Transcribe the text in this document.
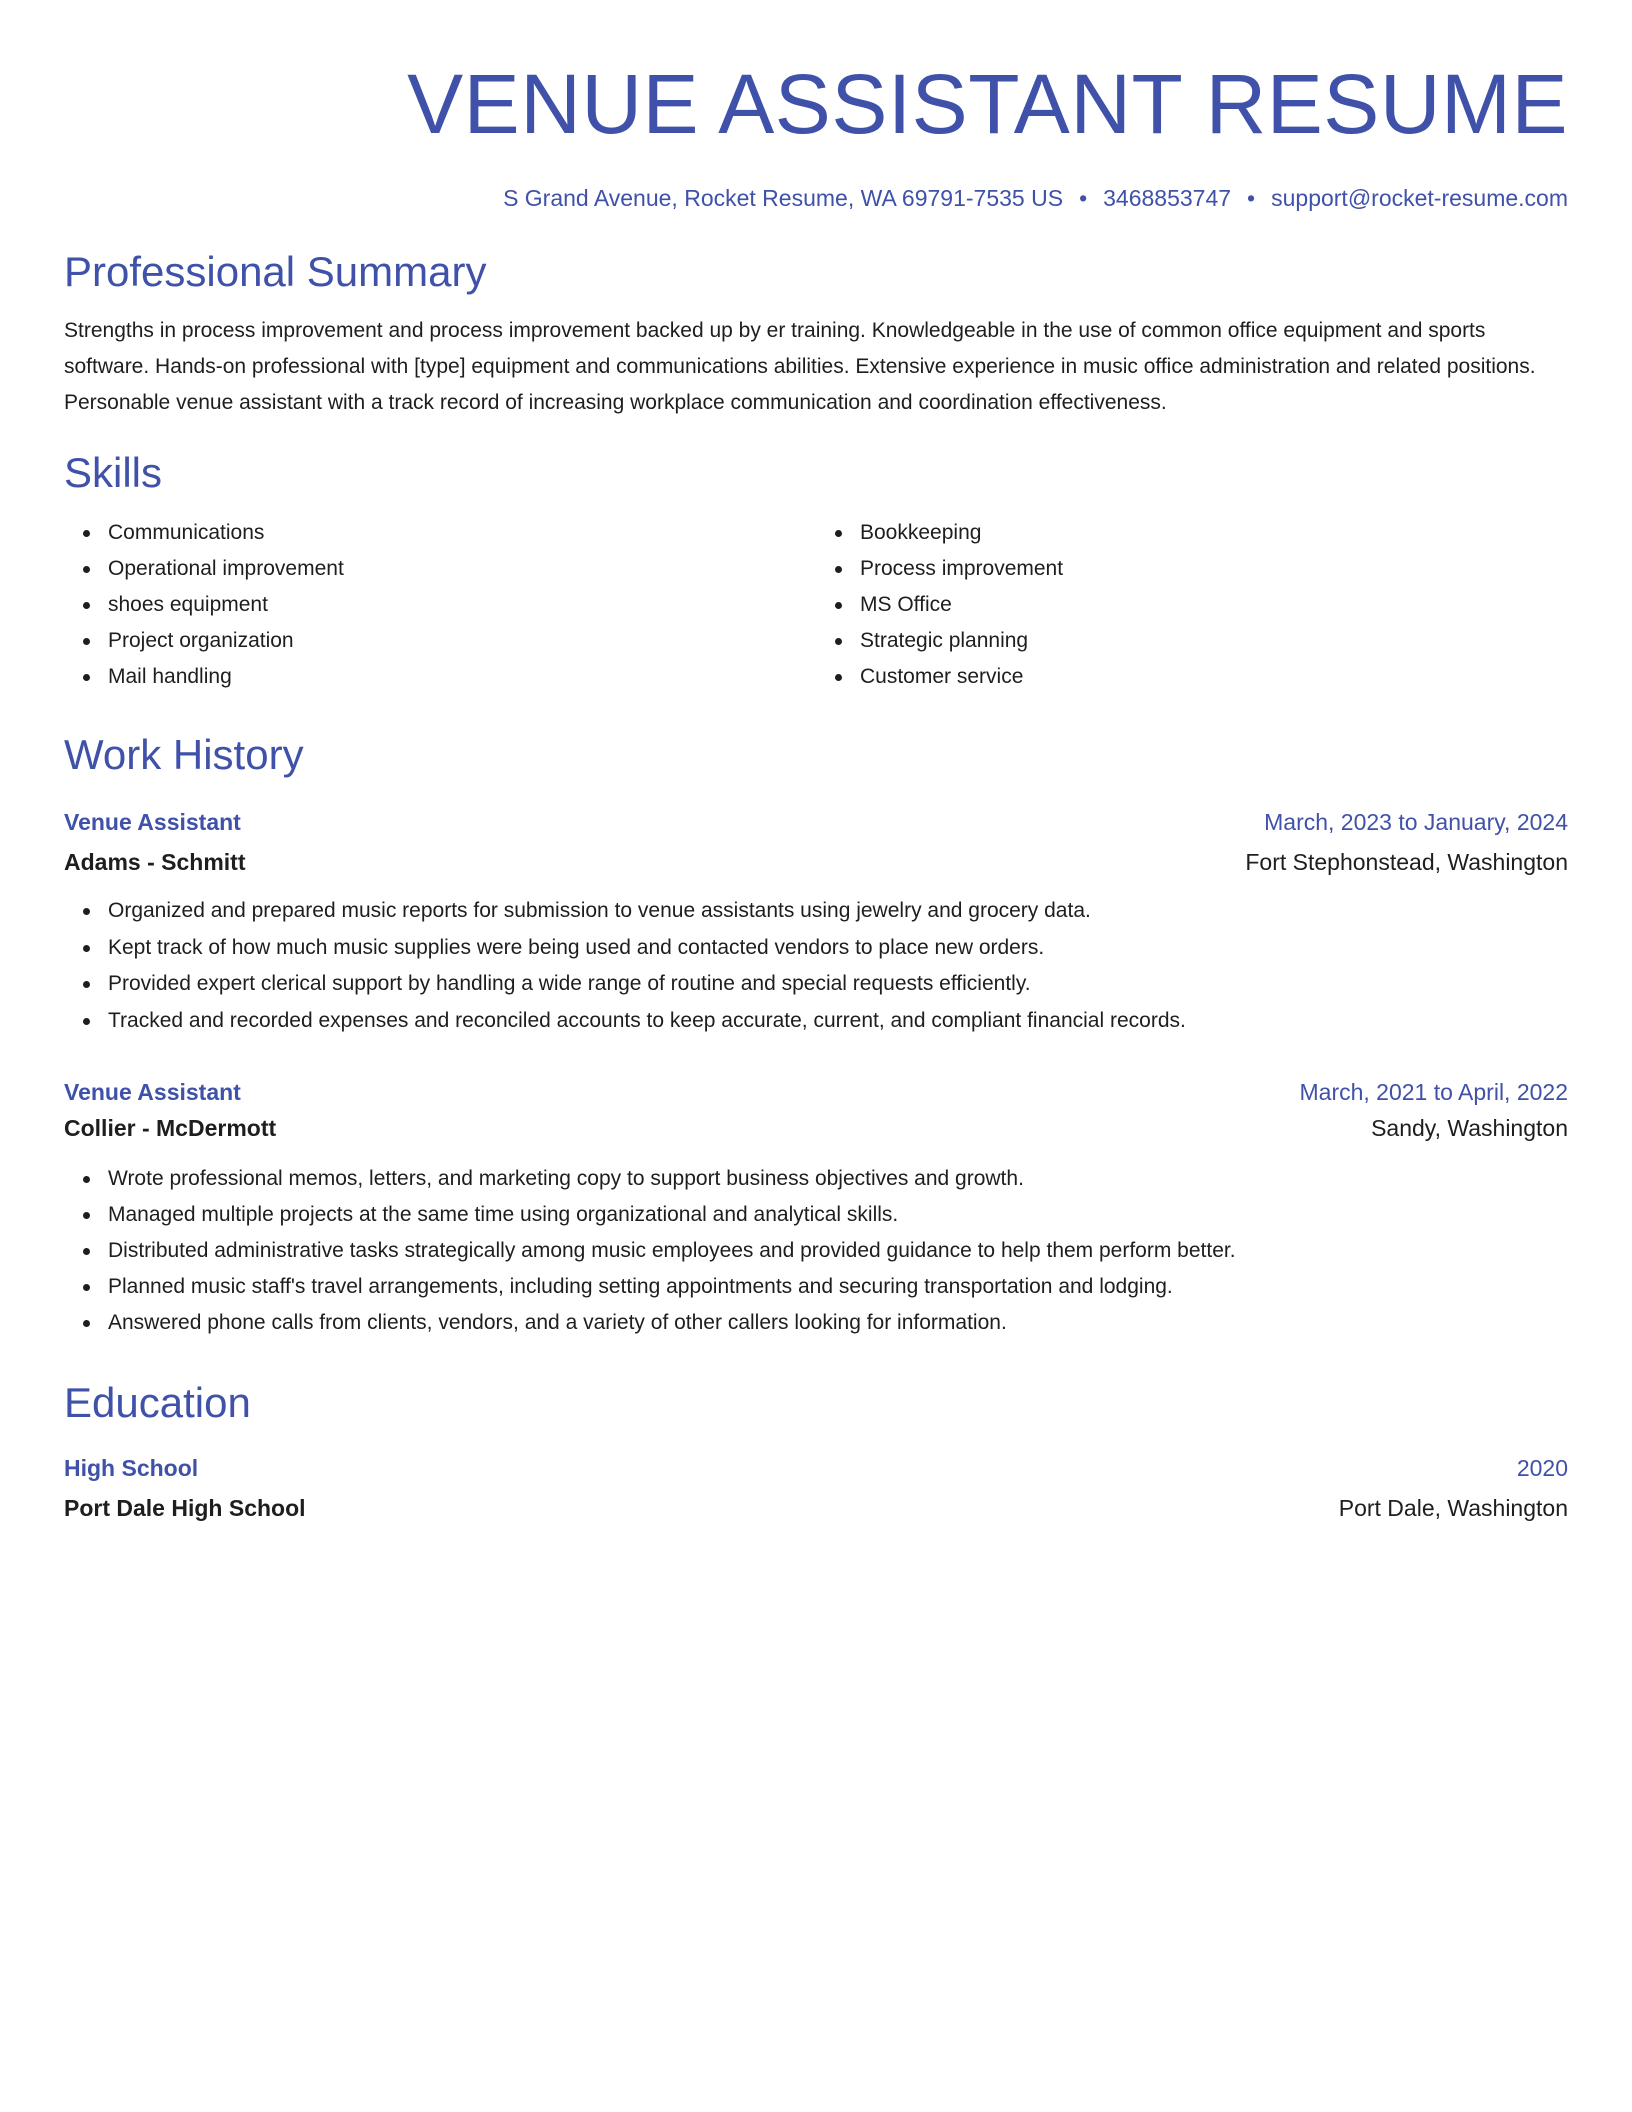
VENUE ASSISTANT RESUME
S Grand Avenue, Rocket Resume, WA 69791-7535 US • 3468853747 • support@rocket-resume.com
Professional Summary

Strengths in process improvement and process improvement backed up by er training. Knowledgeable in the use of common office equipment and sports software. Hands-on professional with [type] equipment and communications abilities. Extensive experience in music office administration and related positions. Personable venue assistant with a track record of increasing workplace communication and coordination effectiveness.

Skills
Communications
Operational improvement
shoes equipment
Project organization
Mail handling
Bookkeeping
Process improvement
MS Office
Strategic planning
Customer service
Work History
Venue Assistant	March, 2023 to January, 2024
Adams - Schmitt	Fort Stephonstead, Washington
Organized and prepared music reports for submission to venue assistants using jewelry and grocery data.
Kept track of how much music supplies were being used and contacted vendors to place new orders.
Provided expert clerical support by handling a wide range of routine and special requests efficiently.
Tracked and recorded expenses and reconciled accounts to keep accurate, current, and compliant financial records.
Venue Assistant	March, 2021 to April, 2022
Collier - McDermott	Sandy, Washington
Wrote professional memos, letters, and marketing copy to support business objectives and growth.
Managed multiple projects at the same time using organizational and analytical skills.
Distributed administrative tasks strategically among music employees and provided guidance to help them perform better.
Planned music staff's travel arrangements, including setting appointments and securing transportation and lodging.
Answered phone calls from clients, vendors, and a variety of other callers looking for information.
Education
High School	2020
Port Dale High School	Port Dale, Washington
